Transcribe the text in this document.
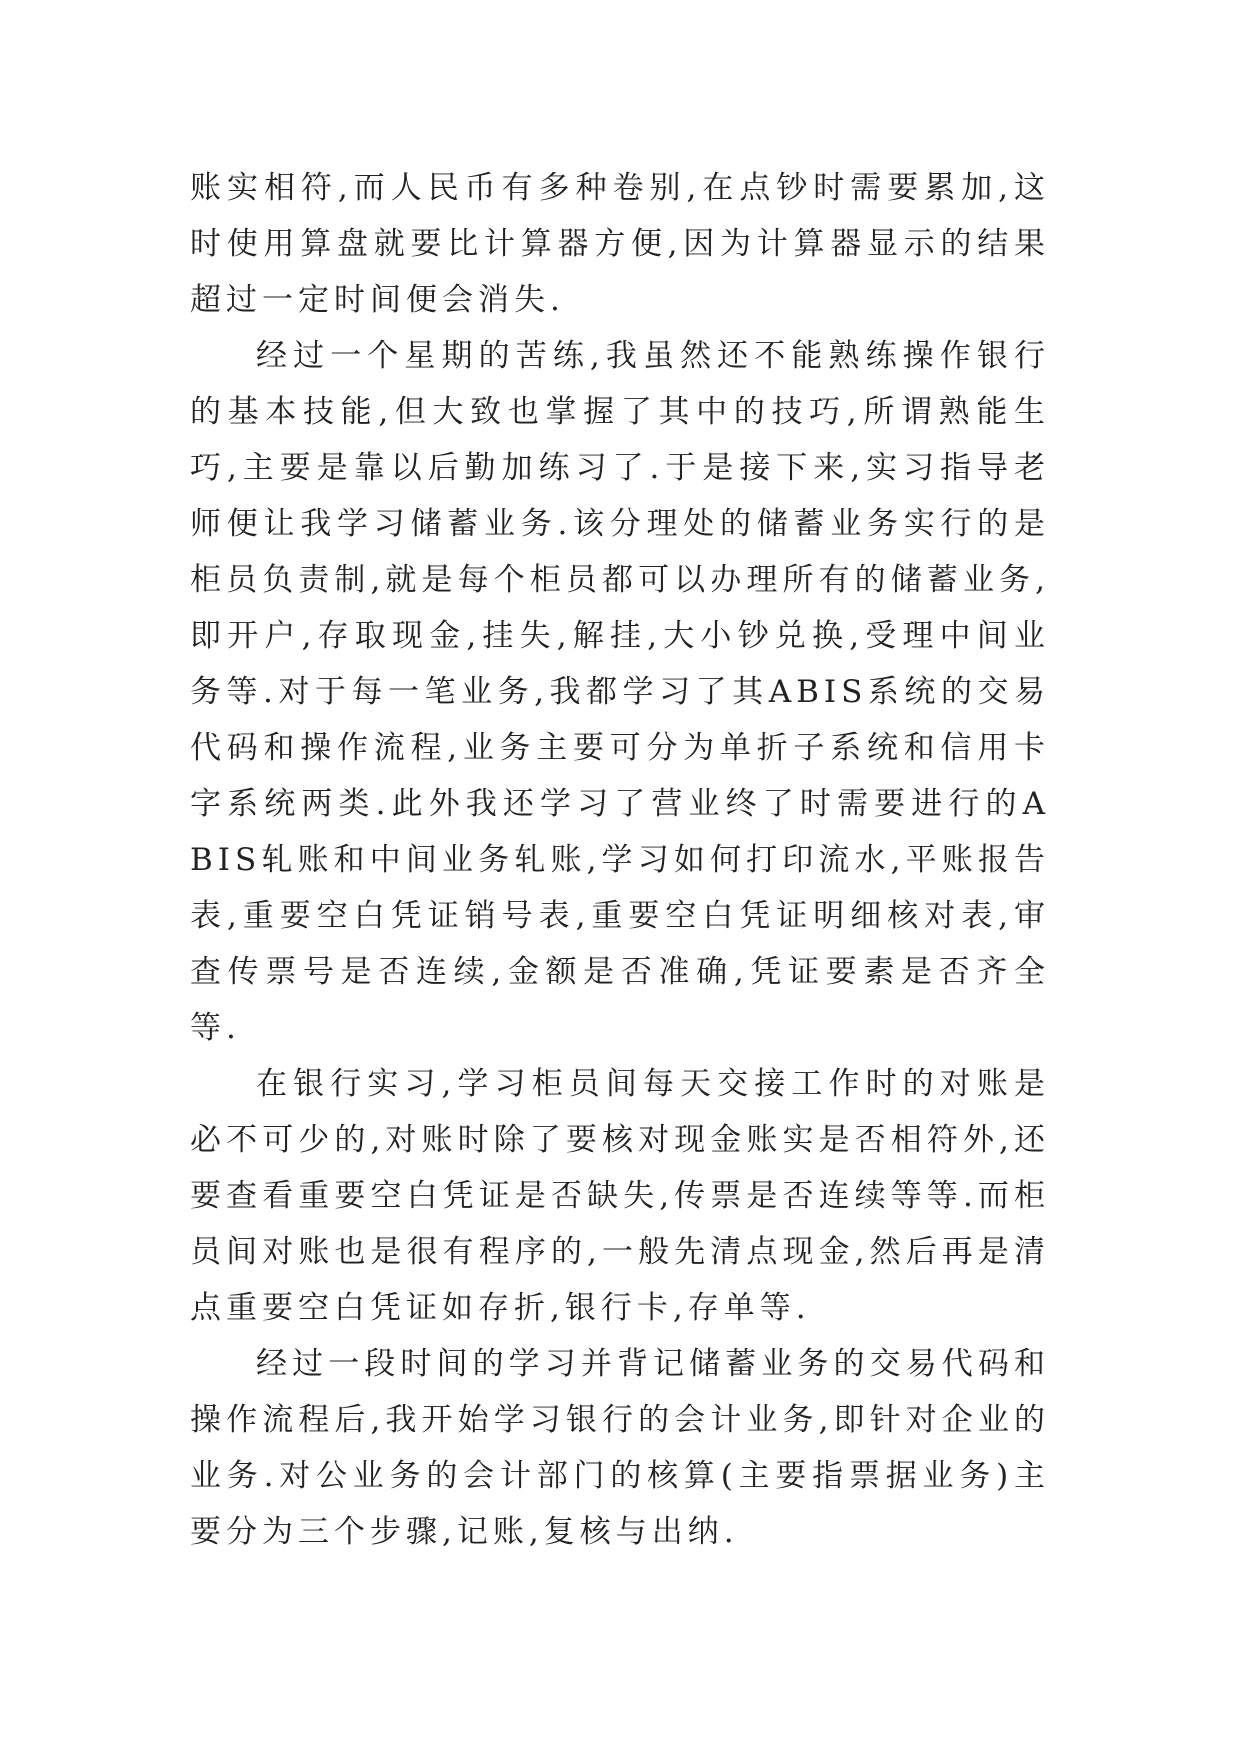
账实相符,而人民币有多种卷别,在点钞时需要累加,这时使用算盘就要比计算器方便,因为计算器显示的结果超过一定时间便会消失.

经过一个星期的苦练,我虽然还不能熟练操作银行的基本技能,但大致也掌握了其中的技巧,所谓熟能生巧,主要是靠以后勤加练习了.于是接下来,实习指导老师便让我学习储蓄业务.该分理处的储蓄业务实行的是柜员负责制,就是每个柜员都可以办理所有的储蓄业务,即开户,存取现金,挂失,解挂,大小钞兑换,受理中间业务等.对于每一笔业务,我都学习了其ABIS系统的交易代码和操作流程,业务主要可分为单折子系统和信用卡字系统两类.此外我还学习了营业终了时需要进行的ABIS轧账和中间业务轧账,学习如何打印流水,平账报告表,重要空白凭证销号表,重要空白凭证明细核对表,审查传票号是否连续,金额是否准确,凭证要素是否齐全等.

在银行实习,学习柜员间每天交接工作时的对账是必不可少的,对账时除了要核对现金账实是否相符外,还要查看重要空白凭证是否缺失,传票是否连续等等.而柜员间对账也是很有程序的,一般先清点现金,然后再是清点重要空白凭证如存折,银行卡,存单等.

经过一段时间的学习并背记储蓄业务的交易代码和操作流程后,我开始学习银行的会计业务,即针对企业的业务.对公业务的会计部门的核算(主要指票据业务)主要分为三个步骤,记账,复核与出纳.
